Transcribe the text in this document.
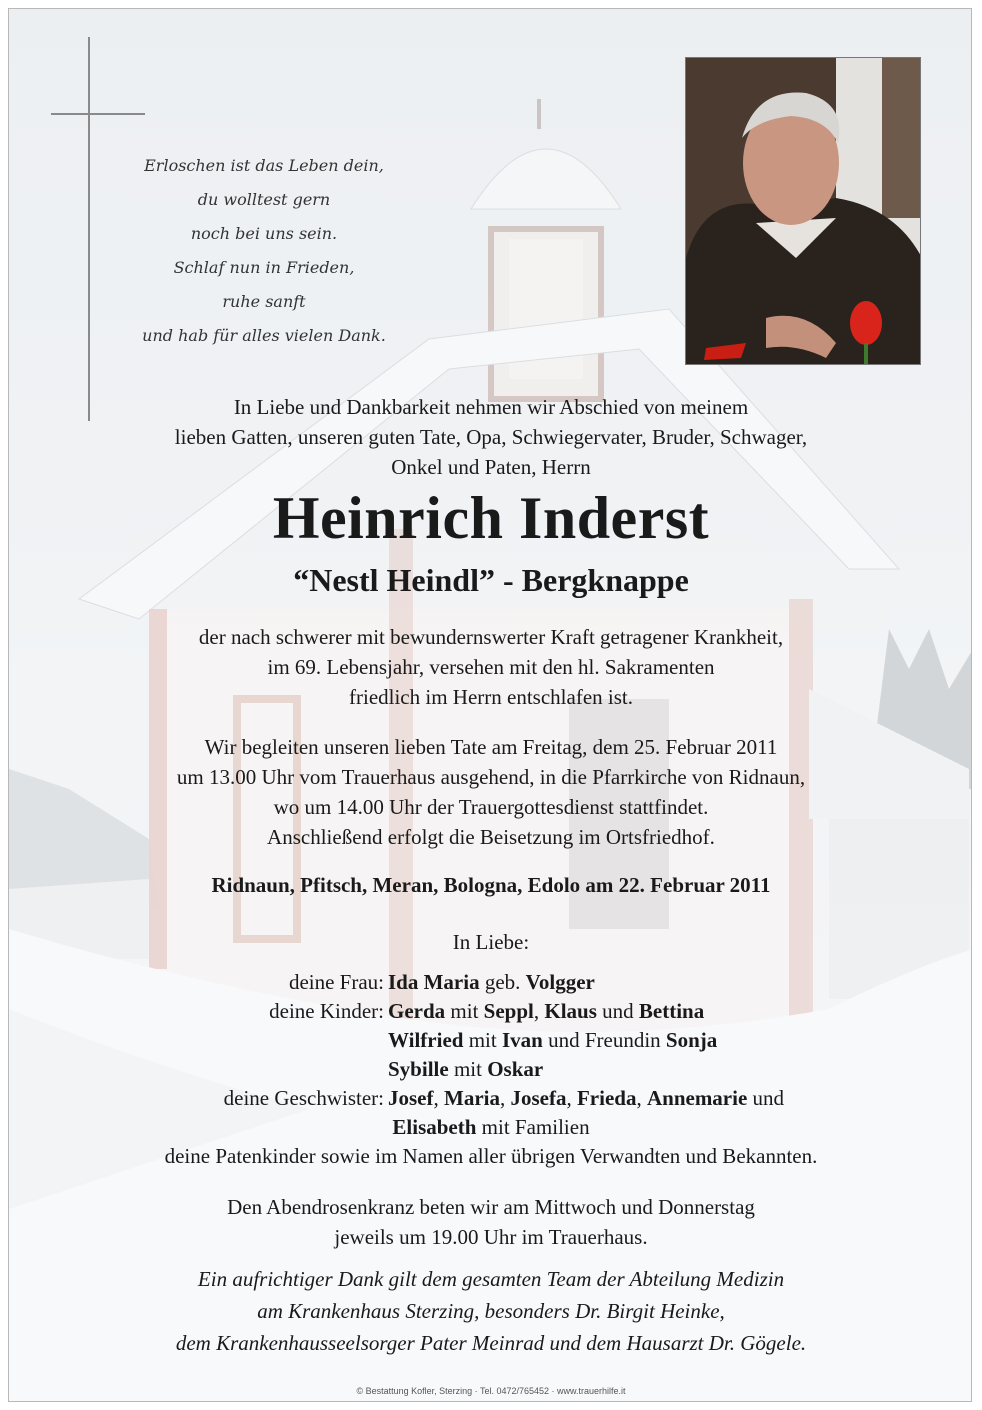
Erloschen ist das Leben dein,
du wolltest gern
noch bei uns sein.
Schlaf nun in Frieden,
ruhe sanft
und hab für alles vielen Dank.
In Liebe und Dankbarkeit nehmen wir Abschied von meinem
lieben Gatten, unseren guten Tate, Opa, Schwiegervater, Bruder, Schwager,
Onkel und Paten, Herrn
Heinrich Inderst
“Nestl Heindl” - Bergknappe
der nach schwerer mit bewundernswerter Kraft getragener Krankheit,
im 69. Lebensjahr, versehen mit den hl. Sakramenten
friedlich im Herrn entschlafen ist.
Wir begleiten unseren lieben Tate am Freitag, dem 25. Februar 2011
um 13.00 Uhr vom Trauerhaus ausgehend, in die Pfarrkirche von Ridnaun,
wo um 14.00 Uhr der Trauergottesdienst stattfindet.
Anschließend erfolgt die Beisetzung im Ortsfriedhof.
Ridnaun, Pfitsch, Meran, Bologna, Edolo am 22. Februar 2011
In Liebe:
deine Frau: Ida Maria geb. Volgger
deine Kinder: Gerda mit Seppl, Klaus und Bettina
Wilfried mit Ivan und Freundin Sonja
Sybille mit Oskar
deine Geschwister: Josef, Maria, Josefa, Frieda, Annemarie und
Elisabeth mit Familien
deine Patenkinder sowie im Namen aller übrigen Verwandten und Bekannten.
Den Abendrosenkranz beten wir am Mittwoch und Donnerstag
jeweils um 19.00 Uhr im Trauerhaus.
Ein aufrichtiger Dank gilt dem gesamten Team der Abteilung Medizin
am Krankenhaus Sterzing, besonders Dr. Birgit Heinke,
dem Krankenhausseelsorger Pater Meinrad und dem Hausarzt Dr. Gögele.
© Bestattung Kofler, Sterzing · Tel. 0472/765452 · www.trauerhilfe.it
